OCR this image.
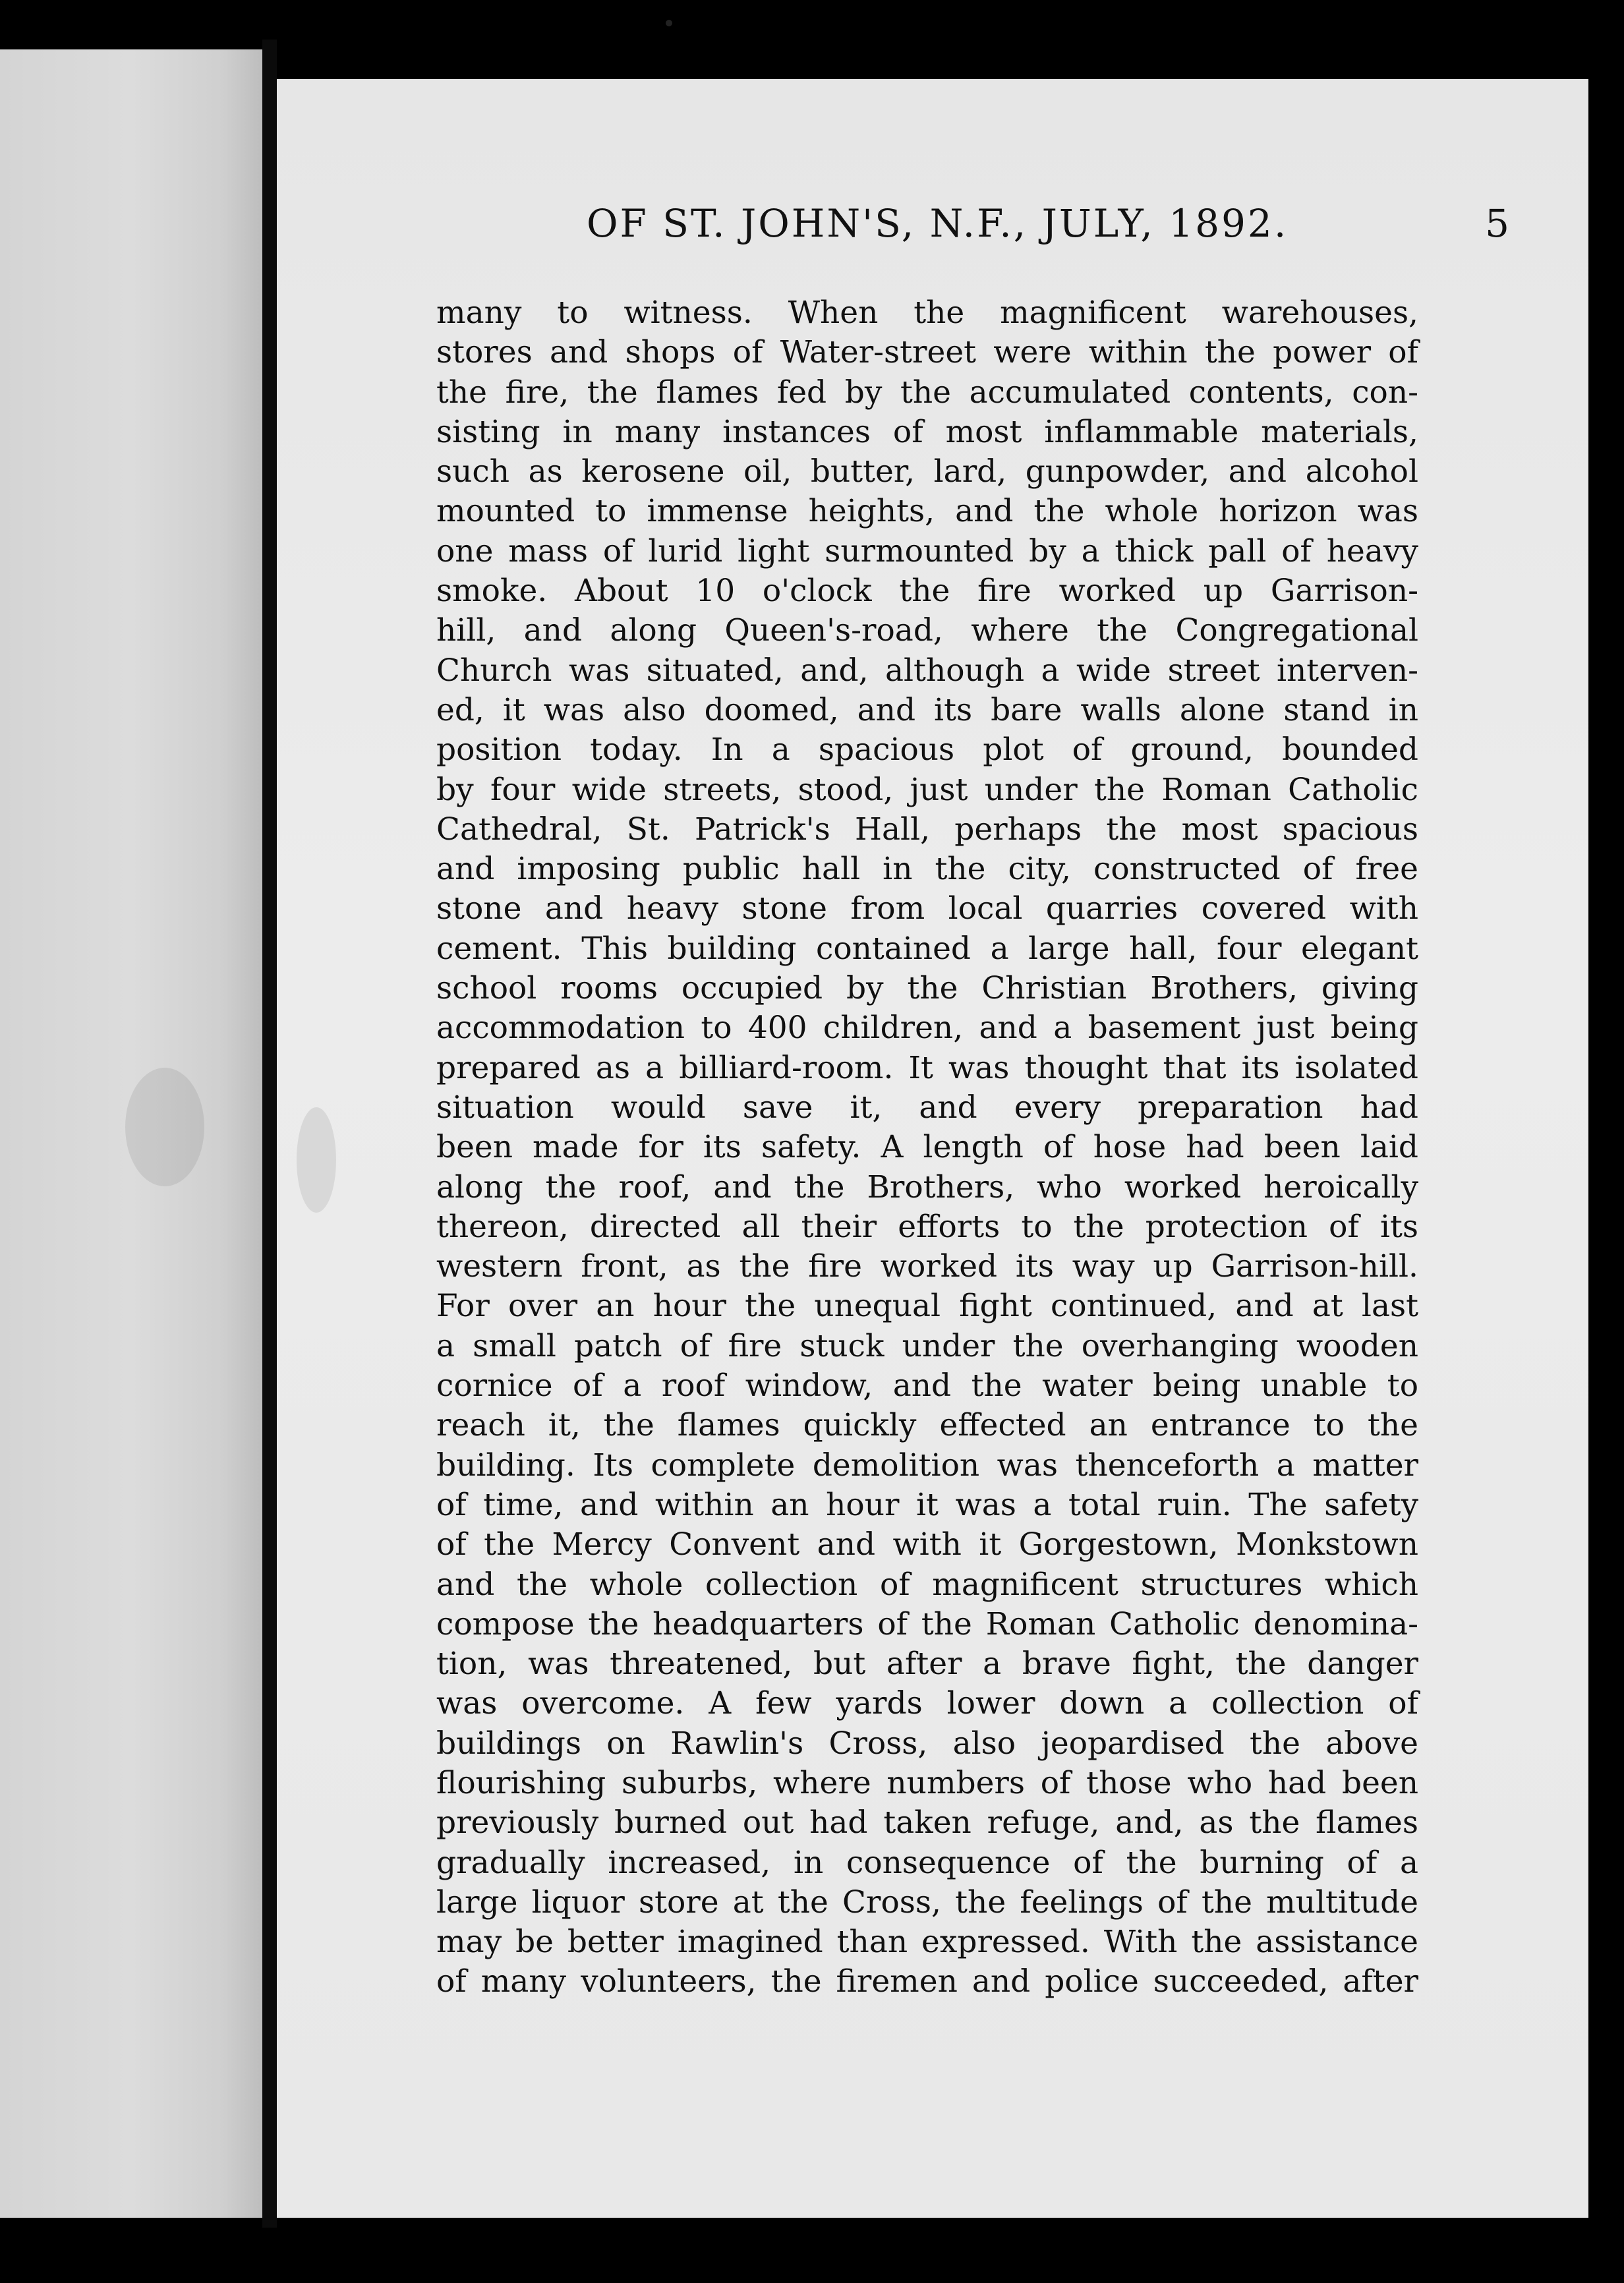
OF ST. JOHN'S, N.F., JULY, 1892.	5
many to witness. When the magnificent warehouses,
stores and shops of Water-street were within the power of
the fire, the flames fed by the accumulated contents, con-
sisting in many instances of most inflammable materials,
such as kerosene oil, butter, lard, gunpowder, and alcohol
mounted to immense heights, and the whole horizon was
one mass of lurid light surmounted by a thick pall of heavy
smoke. About 10 o'clock the fire worked up Garrison-
hill, and along Queen's-road, where the Congregational
Church was situated, and, although a wide street interven-
ed, it was also doomed, and its bare walls alone stand in
position today. In a spacious plot of ground, bounded
by four wide streets, stood, just under the Roman Catholic
Cathedral, St. Patrick's Hall, perhaps the most spacious
and imposing public hall in the city, constructed of free
stone and heavy stone from local quarries covered with
cement. This building contained a large hall, four elegant
school rooms occupied by the Christian Brothers, giving
accommodation to 400 children, and a basement just being
prepared as a billiard-room. It was thought that its isolated
situation would save it, and every preparation had
been made for its safety. A length of hose had been laid
along the roof, and the Brothers, who worked heroically
thereon, directed all their efforts to the protection of its
western front, as the fire worked its way up Garrison-hill.
For over an hour the unequal fight continued, and at last
a small patch of fire stuck under the overhanging wooden
cornice of a roof window, and the water being unable to
reach it, the flames quickly effected an entrance to the
building. Its complete demolition was thenceforth a matter
of time, and within an hour it was a total ruin. The safety
of the Mercy Convent and with it Gorgestown, Monkstown
and the whole collection of magnificent structures which
compose the headquarters of the Roman Catholic denomina-
tion, was threatened, but after a brave fight, the danger
was overcome. A few yards lower down a collection of
buildings on Rawlin's Cross, also jeopardised the above
flourishing suburbs, where numbers of those who had been
previously burned out had taken refuge, and, as the flames
gradually increased, in consequence of the burning of a
large liquor store at the Cross, the feelings of the multitude
may be better imagined than expressed. With the assistance
of many volunteers, the firemen and police succeeded, after
